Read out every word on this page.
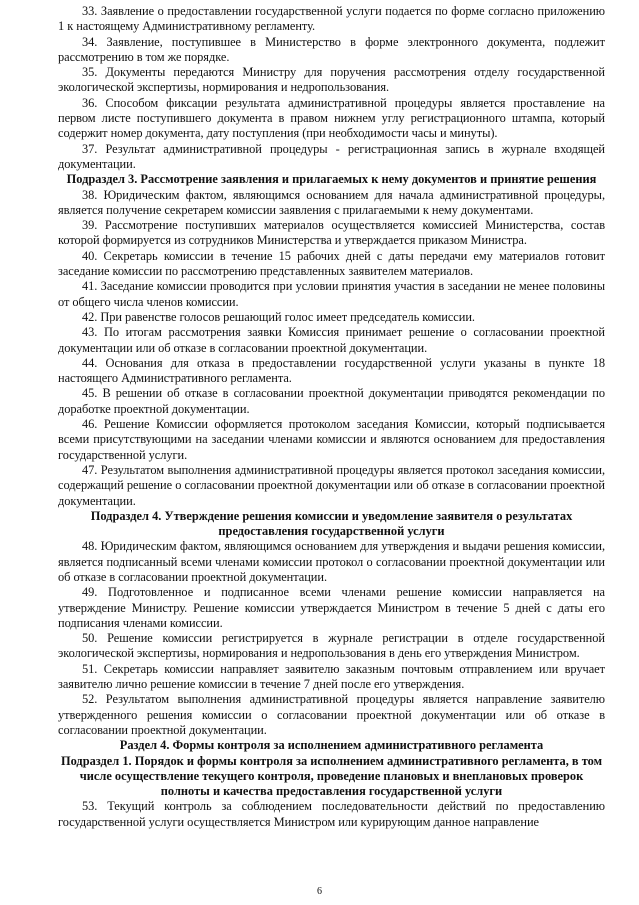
33. Заявление о предоставлении государственной услуги подается по форме согласно приложению 1 к настоящему Административному регламенту.

34. Заявление, поступившее в Министерство в форме электронного документа, подлежит рассмотрению в том же порядке.

35. Документы передаются Министру для поручения рассмотрения отделу государственной экологической экспертизы, нормирования и недропользования.

36. Способом фиксации результата административной процедуры является проставление на первом листе поступившего документа в правом нижнем углу регистрационного штампа, который содержит номер документа, дату поступления (при необходимости часы и минуты).

37. Результат административной процедуры - регистрационная запись в журнале входящей документации.

Подраздел 3. Рассмотрение заявления и прилагаемых к нему документов и принятие решения

38. Юридическим фактом, являющимся основанием для начала административной процедуры, является получение секретарем комиссии заявления с прилагаемыми к нему документами.

39. Рассмотрение поступивших материалов осуществляется комиссией Министерства, состав которой формируется из сотрудников Министерства и утверждается приказом Министра.

40. Секретарь комиссии в течение 15 рабочих дней с даты передачи ему материалов готовит заседание комиссии по рассмотрению представленных заявителем материалов.

41. Заседание комиссии проводится при условии принятия участия в заседании не менее половины от общего числа членов комиссии.

42. При равенстве голосов решающий голос имеет председатель комиссии.

43. По итогам рассмотрения заявки Комиссия принимает решение о согласовании проектной документации или об отказе в согласовании проектной документации.

44. Основания для отказа в предоставлении государственной услуги указаны в пункте 18 настоящего Административного регламента.

45. В решении об отказе в согласовании проектной документации приводятся рекомендации по доработке проектной документации.

46. Решение Комиссии оформляется протоколом заседания Комиссии, который подписывается всеми присутствующими на заседании членами комиссии и являются основанием для предоставления государственной услуги.

47. Результатом выполнения административной процедуры является протокол заседания комиссии, содержащий решение о согласовании проектной документации или об отказе в согласовании проектной документации.

Подраздел 4. Утверждение решения комиссии и уведомление заявителя о результатах предоставления государственной услуги

48. Юридическим фактом, являющимся основанием для утверждения и выдачи решения комиссии, является подписанный всеми членами комиссии протокол о согласовании проектной документации или об отказе в согласовании проектной документации.

49. Подготовленное и подписанное всеми членами решение комиссии направляется на утверждение Министру. Решение комиссии утверждается Министром в течение 5 дней с даты его подписания членами комиссии.

50. Решение комиссии регистрируется в журнале регистрации в отделе государственной экологической экспертизы, нормирования и недропользования в день его утверждения Министром.

51. Секретарь комиссии направляет заявителю заказным почтовым отправлением или вручает заявителю лично решение комиссии в течение 7 дней после его утверждения.

52. Результатом выполнения административной процедуры является направление заявителю утвержденного решения комиссии о согласовании проектной документации или об отказе в согласовании проектной документации.

Раздел 4. Формы контроля за исполнением административного регламента

Подраздел 1. Порядок и формы контроля за исполнением административного регламента, в том числе осуществление текущего контроля, проведение плановых и внеплановых проверок полноты и качества предоставления государственной услуги

53. Текущий контроль за соблюдением последовательности действий по предоставлению государственной услуги осуществляется Министром или курирующим данное направление

6
